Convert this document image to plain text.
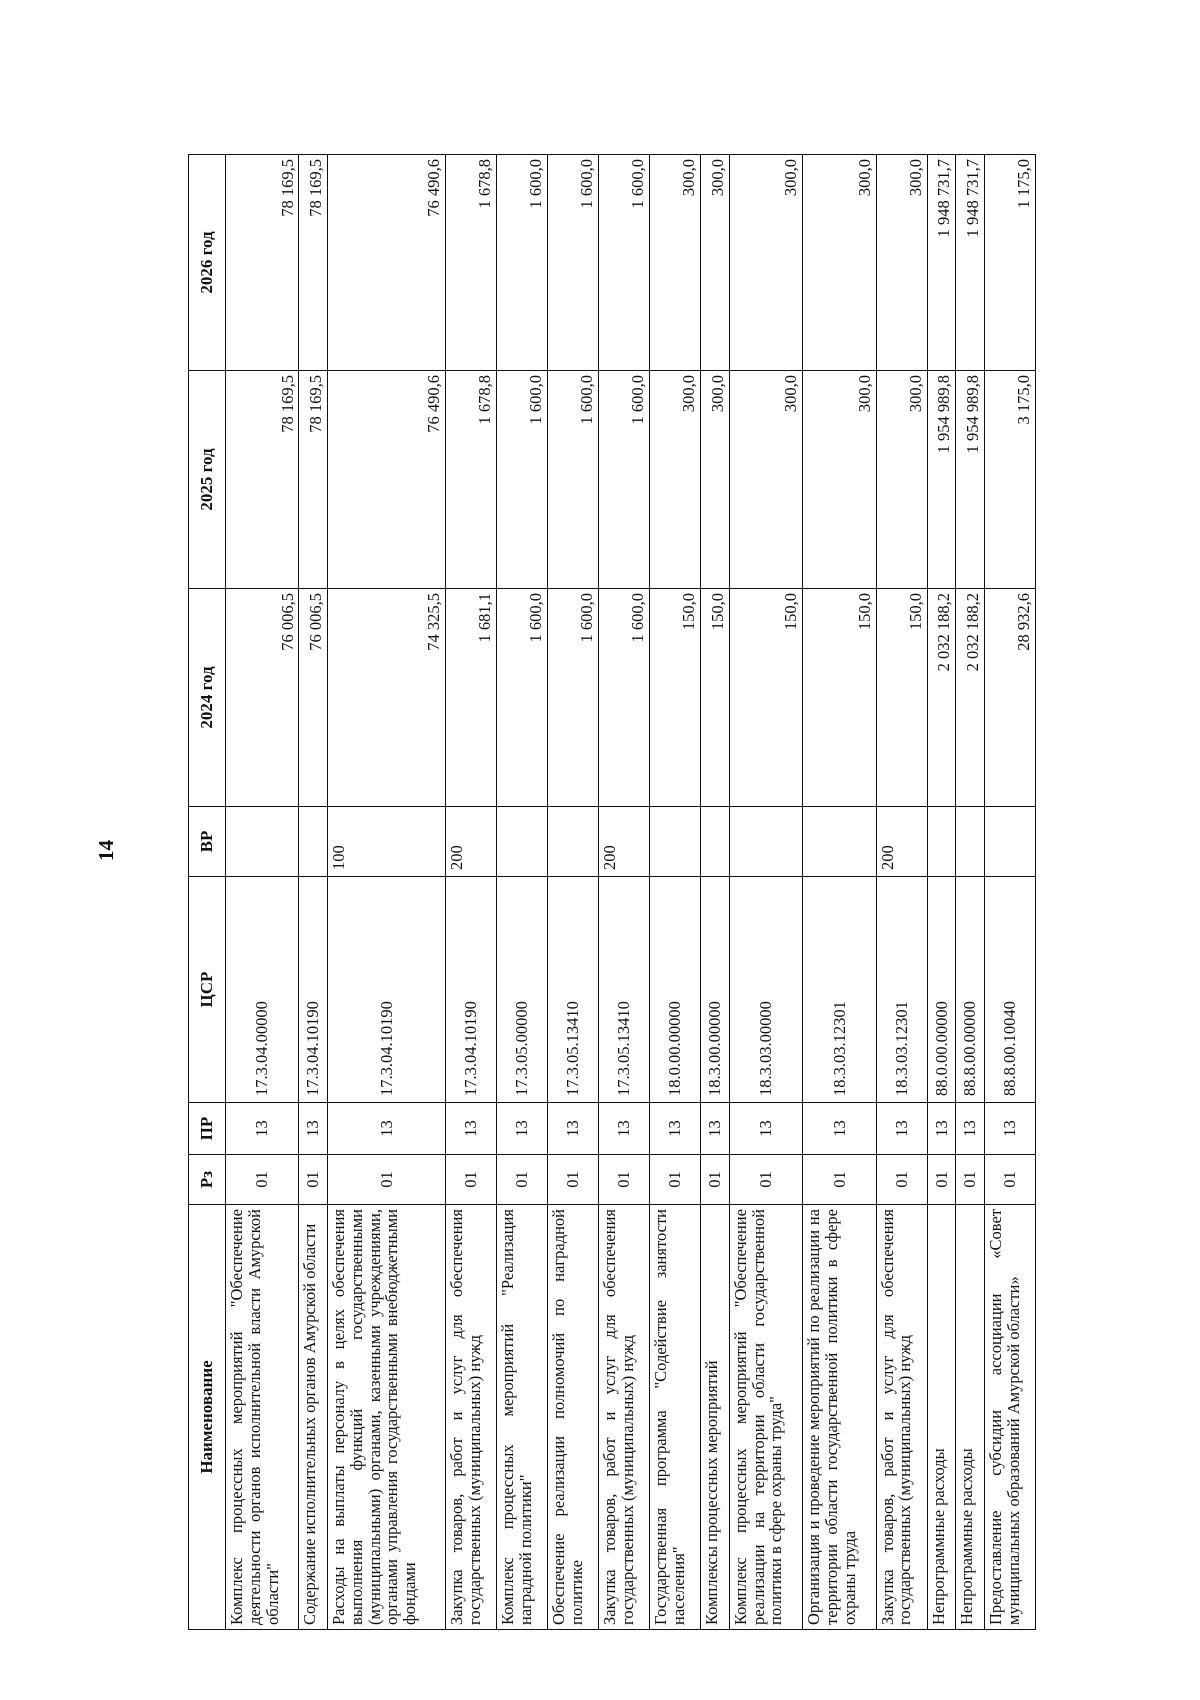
14
Наименование	Рз	ПР	ЦСР	ВР	2024 год	2025 год	2026 год
Комплекс процессных мероприятий "Обеспечение деятельности органов исполнительной власти Амурской области"	01	13	17.3.04.00000		76 006,5	78 169,5	78 169,5
Содержание исполнительных органов Амурской области	01	13	17.3.04.10190		76 006,5	78 169,5	78 169,5
Расходы на выплаты персоналу в целях обеспечения выполнения функций государственными (муниципальными) органами, казенными учреждениями, органами управления государственными внебюджетными фондами	01	13	17.3.04.10190	100	74 325,5	76 490,6	76 490,6
Закупка товаров, работ и услуг для обеспечения государственных (муниципальных) нужд	01	13	17.3.04.10190	200	1 681,1	1 678,8	1 678,8
Комплекс процессных мероприятий "Реализация наградной политики"	01	13	17.3.05.00000		1 600,0	1 600,0	1 600,0
Обеспечение реализации полномочий по наградной политике	01	13	17.3.05.13410		1 600,0	1 600,0	1 600,0
Закупка товаров, работ и услуг для обеспечения государственных (муниципальных) нужд	01	13	17.3.05.13410	200	1 600,0	1 600,0	1 600,0
Государственная программа "Содействие занятости населения"	01	13	18.0.00.00000		150,0	300,0	300,0
Комплексы процессных мероприятий	01	13	18.3.00.00000		150,0	300,0	300,0
Комплекс процессных мероприятий "Обеспечение реализации на территории области государственной политики в сфере охраны труда"	01	13	18.3.03.00000		150,0	300,0	300,0
Организация и проведение мероприятий по реализации на территории области государственной политики в сфере охраны труда	01	13	18.3.03.12301		150,0	300,0	300,0
Закупка товаров, работ и услуг для обеспечения государственных (муниципальных) нужд	01	13	18.3.03.12301	200	150,0	300,0	300,0
Непрограммные расходы	01	13	88.0.00.00000		2 032 188,2	1 954 989,8	1 948 731,7
Непрограммные расходы	01	13	88.8.00.00000		2 032 188,2	1 954 989,8	1 948 731,7
Предоставление субсидии ассоциации «Совет муниципальных образований Амурской области»	01	13	88.8.00.10040		28 932,6	3 175,0	1 175,0
